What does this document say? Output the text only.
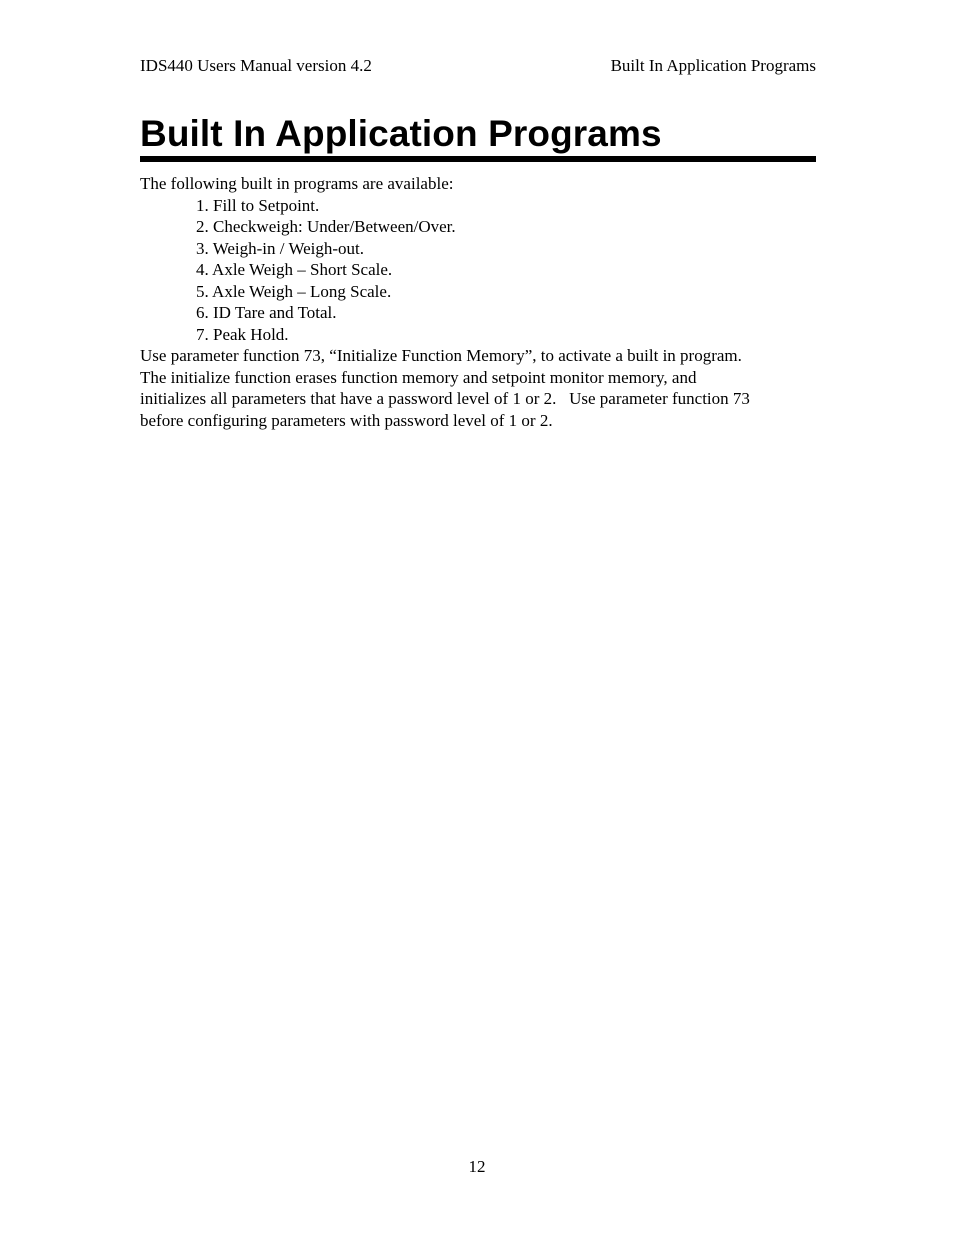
IDS440 Users Manual version 4.2	Built In Application Programs
Built In Application Programs

The following built in programs are available:

1. Fill to Setpoint.
2. Checkweigh: Under/Between/Over.
3. Weigh-in / Weigh-out.
4. Axle Weigh – Short Scale.
5. Axle Weigh – Long Scale.
6. ID Tare and Total.
7. Peak Hold.

Use parameter function 73, “Initialize Function Memory”, to activate a built in program.

The initialize function erases function memory and setpoint monitor memory, and

initializes all parameters that have a password level of 1 or 2.   Use parameter function 73

before configuring parameters with password level of 1 or 2.

12
